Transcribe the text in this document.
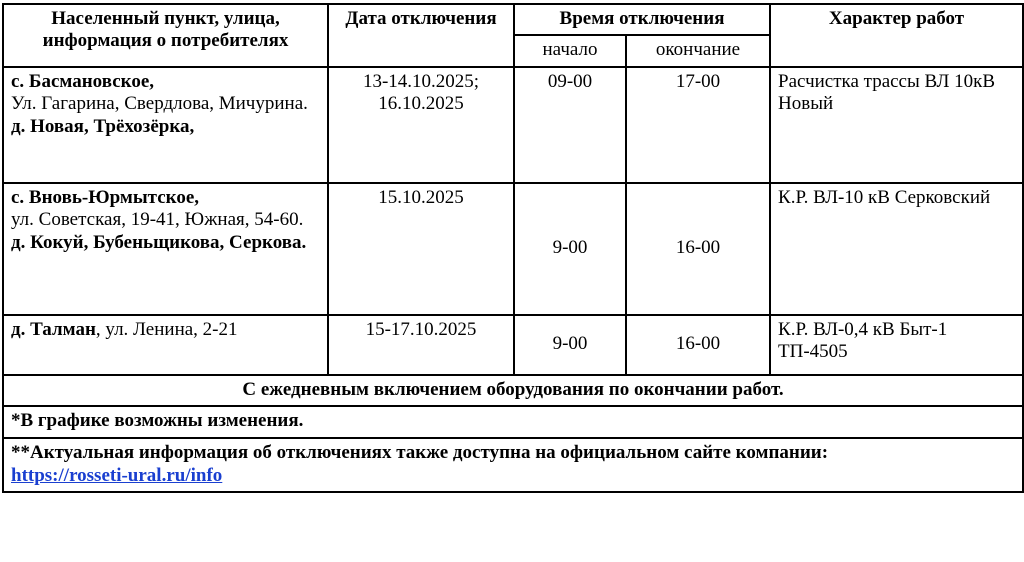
Населенный пункт, улица, информация о потребителях	Дата отключения	Время отключения		Характер работ
		начало	окончание	

с. Басмановское,
Ул. Гагарина, Свердлова, Мичурина.
д. Новая, Трёхозёрка,	13-14.10.2025; 16.10.2025	09-00	17-00	Расчистка трассы ВЛ 10кВ Новый

с. Вновь-Юрмытское,
ул. Советская, 19-41, Южная, 54-60.
д. Кокуй, Бубеньщикова, Серкова.	15.10.2025	9-00	16-00	К.Р. ВЛ-10 кВ Серковский
д. Талман, ул. Ленина, 2-21	15-17.10.2025	9-00	16-00	К.Р. ВЛ-0,4 кВ Быт-1 ТП-4505
С ежедневным включением оборудования по окончании работ.				
*В графике возможны изменения.				
**Актуальная информация об отключениях также доступна на официальном сайте компании:
https://rosseti-ural.ru/info				
